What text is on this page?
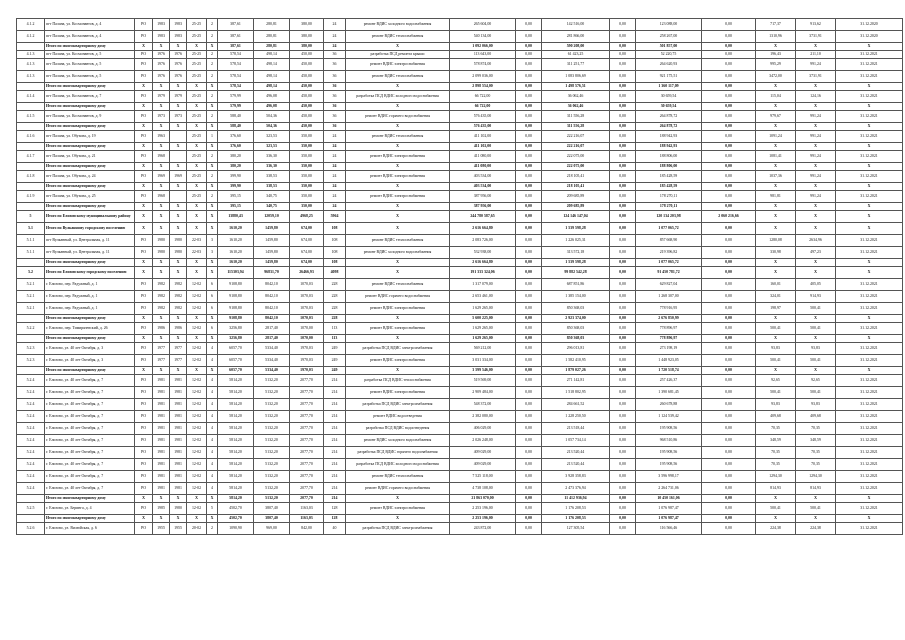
4.1.2	пгт Палана, ул. Космонавтов, д. 4	РО	1983	1983	25-25	2	387,61	280,81	380,00	24	ремонт ВДИС холодного водоснабжения	265 604,00	0,00	142 516,00	0,00	123 088,00	0,00	717,37	913,62	31.12.2020
4.1.2	пгт Палана, ул. Космонавтов, д. 4	РО	1983	1983	25-25	2	387,61	280,81	380,00	24	ремонт ВДИС теплоснабжения	540 134,00	0,00	281 866,00	0,00	258 267,00	0,00	1310,96	3731,91	31.12.2020
	Итого по многоквартирному дому	X	X	X	X	X	387,61	280,81	380,00	24	X	1 092 066,00	0,00	590 208,00	0,00	501 857,00	0,00	X	X	X
4.1.3	пгт Палана, ул. Космонавтов, д. 5	РО	1976	1976	25-25	2	578,54	498,14	450,00	36	разработка ПСД ремонта крыши	113 643,00	0,00	61 423,25	0,00	52 220,75	0,00	196,43	211,10	31.12.2021
4.1.3	пгт Палана, ул. Космонавтов, д. 5	РО	1976	1976	25-25	2	578,54	498,14	450,00	36	ремонт ВДИС электроснабжения	578 874,00	0,00	311 251,77	0,00	264 620,93	0,00	995,29	991,24	31.12.2021
4.1.3	пгт Палана, ул. Космонавтов, д. 5	РО	1976	1976	25-25	2	578,54	498,14	450,00	36	ремонт ВДИС теплоснабжения	2 099 036,00	0,00	1 083 806,69	0,00	921 175,51	0,00	3472,00	3731,91	31.12.2021
	Итого по многоквартирному дому	X	X	X	X	X	578,54	498,14	450,00	36	X	2 898 554,00	0,00	1 498 576,51	0,00	1 360 117,09	0,00	X	X	X
4.1.4	пгт Палана, ул. Космонавтов, д. 7	РО	1979	1979	25-25	2	579,99	496,08	450,00	36	разработка ПСД ВДИС холодного водоснабжения	66 722,00	0,00	36 062,46	0,00	30 659,54	0,00	115,04	124,16	31.12.2021
	Итого по многоквартирному дому	X	X	X	X	X	579,99	496,08	450,00	36	X	66 722,00	0,00	36 062,46	0,00	30 659,54	0,00	X	X	X
4.1.5	пгт Палана, ул. Космонавтов, д. 9	РО	1973	1973	25-25	2	588,40	504,36	450,00	36	ремонт ВДИС горячего водоснабжения	576 435,00	0,00	311 556,28	0,00	264 878,72	0,00	979,67	991,24	31.12.2021
	Итого по многоквартирному дому	X	X	X	X	X	588,40	504,36	450,00	36	X	576 435,00	0,00	311 556,28	0,00	264 878,72	0,00	X	X	X
4.1.6	пгт Палана, ул. Обухова, д. 19	РО	1963		25-25	1	376,60	323,53	350,00	24	ремонт ВДИС теплоснабжения	411 102,00	0,00	222 216,07	0,00	188 942,93	0,00	1091,24	991,24	31.12.2021
	Итого по многоквартирному дому	X	X	X	X	X	376,60	323,53	350,00	24	X	411 102,00	0,00	222 216,07	0,00	188 942,93	0,00	X	X	X
4.1.7	пгт Палана, ул. Обухова, д. 21	РО	1968		25-25	2	380,20	336,30	350,00	24	ремонт ВДИС электроснабжения	411 080,00	0,00	222 075,00	0,00	188 806,00	0,00	1081,41	991,24	31.12.2021
	Итого по многоквартирному дому	X	X	X	X	X	380,20	336,30	350,00	24	X	411 080,00	0,00	222 075,00	0,00	188 806,00	0,00	X	X	X
4.1.8	пгт Палана, ул. Обухова, д. 24	РО	1969	1969	25-25	2	399,90	338,53	350,00	24	ремонт ВДИС электроснабжения	403 534,00	0,00	218 105,41	0,00	185 428,59	0,00	1037,36	991,24	31.12.2021
	Итого по многоквартирному дому	X	X	X	X	X	399,90	338,53	350,00	24	X	403 534,00	0,00	218 105,41	0,00	185 428,59	0,00	X	X	X
4.1.9	пгт Палана, ул. Обухова, д. 25	РО	1968		25-25	2	395,15	340,75	350,00	24	ремонт ВДИС электроснабжения	387 956,00	0,00	209 685,89	0,00	178 270,11	0,00	981,81	991,24	31.12.2021
	Итого по многоквартирному дому	X	X	X	X	X	395,15	340,75	350,00	24	X	387 956,00	0,00	209 685,89	0,00	178 270,11	0,00	X	X	X
5	Итого по Елизовскому муниципальному району	X	X	X	X	X	13880,43	12059,10	4968,25	5964	X	244 780 587,65	0,00	124 146 147,04	0,00	120 134 203,98	2 060 216,66	X	X	X
5.1	Итого по Вулканному городскому поселению	X	X	X	X	X	1610,20	1459,80	674,00	108	X	2 616 664,80	0,00	1 539 598,28	0,00	1 077 065,72	0,00	X	X	X
5.1.1	пгт Вулканный, ул. Центральная, д. 11	РО	1980	1980	22-03	3	1610,20	1459,80	674,00	108	ремонт ВДИС теплоснабжения	2 083 726,00	0,00	1 226 025,31	0,00	857 668,90	0,00	1280,08	2634,96	31.12.2021
5.1.1	пгт Вулканный, ул. Центральная, д. 11	РО	1980	1980	22-03	3	1610,20	1459,80	674,00	108	ремонт ВДИС холодного водоснабжения	532 938,00	0,00	313 572,18	0,00	219 396,82	0,00	330,98	497,23	31.12.2021
	Итого по многоквартирному дому	X	X	X	X	X	1610,20	1459,80	674,00	108	X	2 616 664,80	0,00	1 539 598,28	0,00	1 077 065,72	0,00	X	X	X
5.2	Итого по Елизовскому городскому поселению	X	X	X	X	X	115303,94	96831,70	26466,93	4098	X	191 333 324,06	0,00	99 882 542,28	0,00	91 450 781,72	0,00	X	X	X
5.2.1	г. Елизово, пер. Радужный, д. 1	РО	1982	1982	12-02	6	9108,80	8042,10	1070,03	228	ремонт ВДИС теплоснабжения	1 317 079,00	0,00	687 851,86	0,00	629 827,04	0,00	160,01	405,05	31.12.2021
5.2.1	г. Елизово, пер. Радужный, д. 1	РО	1982	1982	12-02	6	9108,80	8042,10	1070,03	228	ремонт ВДИС горячего водоснабжения	2 653 461,00	0,00	1 385 154,00	0,00	1 268 307,00	0,00	324,01	914,93	31.12.2021
5.2.1	г. Елизово, пер. Радужный, д. 1	РО	1982	1982	12-02	6	9108,80	8042,10	1070,03	228	ремонт ВДИС электроснабжения	1 629 265,00	0,00	850 368,03	0,00	778 916,95	0,00	198,97	500,41	31.12.2021
	Итого по многоквартирному дому	X	X	X	X	X	9108,80	8042,10	1070,03	228	X	5 600 225,00	0,00	2 923 374,00	0,00	2 676 850,99	0,00	X	X	X
5.2.2	г. Елизово, пер. Тимирязевский, д. 26	РО	1986	1986	12-02	6	3256,80	2817,40	1070,00	113	ремонт ВДИС электроснабжения	1 629 265,00	0,00	850 368,03	0,00	778 896,97	0,00	500,41	500,41	31.12.2021
	Итого по многоквартирному дому	X	X	X	X	X	3256,80	2817,40	1070,00	113	X	1 629 265,00	0,00	850 368,03	0,00	778 896,97	0,00	X	X	X
5.2.3	г. Елизово, ул. 40 лет Октября, д. 3	РО	1977	1977	12-02	4	6057,70	5334,40	1970,03	249	разработка ПСД ВДИС электроснабжения	569 212,00	0,00	296 013,81	0,00	273 198,19	0,00	93,83	93,83	31.12.2021
5.2.3	г. Елизово, ул. 40 лет Октября, д. 3	РО	1977	1977	12-02	4	6057,70	5334,40	1970,03	249	ремонт ВДИС электроснабжения	3 031 334,00	0,00	1 582 410,95	0,00	1 448 923,05	0,00	500,41	500,41	31.12.2021
	Итого по многоквартирному дому	X	X	X	X	X	6057,70	5334,40	1970,03	249	X	3 599 546,00	0,00	1 879 027,26	0,00	1 720 518,74	0,00	X	X	X
5.2.4	г. Елизово, ул. 40 лет Октября, д. 7	РО	1981	1981	12-02	4	5814,20	5132,20	2077,70	214	разработка ПСД ВДИС теплоснабжения	519 569,00	0,00	271 142,81	0,00	257 426,37	0,00	92,65	92,65	31.12.2021
5.2.4	г. Елизово, ул. 40 лет Октября, д. 7	РО	1981	1981	12-02	4	5814,20	5132,20	2077,70	214	ремонт ВДИС электроснабжения	2 909 484,00	0,00	1 518 802,95	0,00	1 390 681,45	0,00	500,41	500,41	31.12.2021
5.2.4	г. Елизово, ул. 40 лет Октября, д. 7	РО	1981	1981	12-02	4	5814,20	5132,20	2077,70	214	разработка ПСД ВДИС электроснабжения	548 372,00	0,00	284 661,52	0,00	260 678,88	0,00	93,83	93,83	31.12.2021
5.2.4	г. Елизово, ул. 40 лет Октября, д. 7	РО	1981	1981	12-02	4	5814,20	5132,20	2077,70	214	ремонт ВДИС водоотведения	2 382 080,00	0,00	1 228 250,50	0,00	1 124 539,42	0,00	409,68	409,68	31.12.2021
5.2.4	г. Елизово, ул. 40 лет Октября, д. 7	РО	1981	1981	12-02	4	5814,20	5132,20	2077,70	214	разработка ПСД ВДИС водоотведения	406 029,00	0,00	213 518,44	0,00	195 908,56	0,00	70,35	70,35	31.12.2021
5.2.4	г. Елизово, ул. 40 лет Октября, д. 7	РО	1981	1981	12-02	4	5814,20	5132,20	2077,70	214	ремонт ВДИС холодного водоснабжения	2 026 248,00	0,00	1 057 734,14	0,00	968 510,86	0,00	348,59	348,59	31.12.2021
5.2.4	г. Елизово, ул. 40 лет Октября, д. 7	РО	1981	1981	12-02	4	5814,20	5132,20	2077,70	214	разработка ПСД ВДИС горячего водоснабжения	409 029,00	0,00	213 520,44	0,00	195 908,56	0,00	70,35	70,35	31.12.2021
5.2.4	г. Елизово, ул. 40 лет Октября, д. 7	РО	1981	1981	12-02	4	5814,20	5132,20	2077,70	214	разработка ПСД ВДИС холодного водоснабжения	409 029,00	0,00	213 520,44	0,00	195 908,56	0,00	70,35	70,35	31.12.2021
5.2.4	г. Елизово, ул. 40 лет Октября, д. 7	РО	1981	1981	12-02	4	5814,20	5132,20	2077,70	214	ремонт ВДИС теплоснабжения	7 525 118,00	0,00	3 928 358,83	0,00	3 596 998,17	0,00	1294,30	1294,30	31.12.2021
5.2.4	г. Елизово, ул. 40 лет Октября, д. 7	РО	1981	1981	12-02	4	5814,20	5132,20	2077,70	214	ремонт ВДИС горячего водоснабжения	4 738 108,00	0,00	2 473 376,94	0,00	2 264 731,06	0,00	814,93	814,93	31.12.2021
	Итого по многоквартирному дому	X	X	X	X	X	5814,20	5132,20	2077,70	214	X	21 863 070,00	0,00	11 412 936,94	0,00	10 450 161,06	0,00	X	X	X
5.2.5	г. Елизово, ул. Беринга, д. 4	РО	1985	1980	12-02	5	4502,70	3807,40	1163,03	128	ремонт ВДИС электроснабжения	2 253 196,00	0,00	1 176 208,53	0,00	1 076 987,47	0,00	500,41	500,41	31.12.2021
	Итого по многоквартирному дому	X	X	X	X	X	4502,70	3807,40	1163,03	128	X	2 253 196,00	0,00	1 176 208,53	0,00	1 076 987,47	0,00	X	X	X
5.2.6	г. Елизово, ул. Вилюйская, д. 6	РО	1955	1955	20-02	2	1090,90	969,00	842,00	40	разработка ПСД ВДИС электроснабжения	243 872,00	0,00	127 305,54	0,00	116 566,46	0,00	224,38	224,38	31.12.2021
